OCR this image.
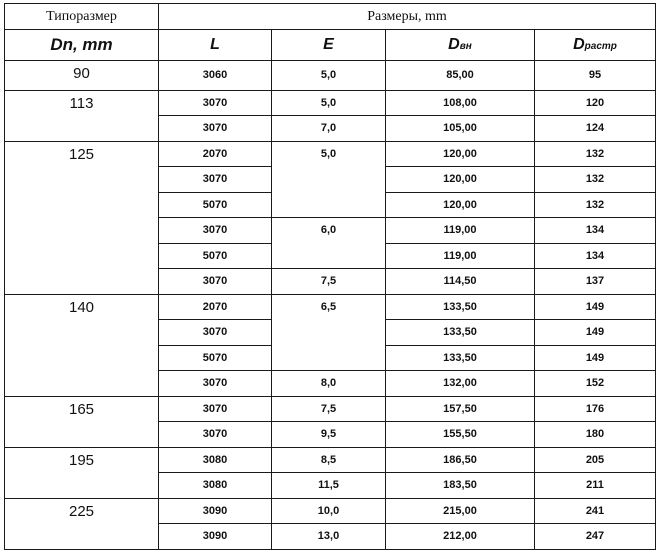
Типоразмер	Размеры, mm			
Dn, mm	L	E	Dвн	Dрастр
90	3060	5,0	85,00	95
113	3070	5,0	108,00	120
	3070	7,0	105,00	124
125	2070	5,0	120,00	132
	3070		120,00	132
	5070		120,00	132
	3070	6,0	119,00	134
	5070		119,00	134
	3070	7,5	114,50	137
140	2070	6,5	133,50	149
	3070		133,50	149
	5070		133,50	149
	3070	8,0	132,00	152
165	3070	7,5	157,50	176
	3070	9,5	155,50	180
195	3080	8,5	186,50	205
	3080	11,5	183,50	211
225	3090	10,0	215,00	241
	3090	13,0	212,00	247
